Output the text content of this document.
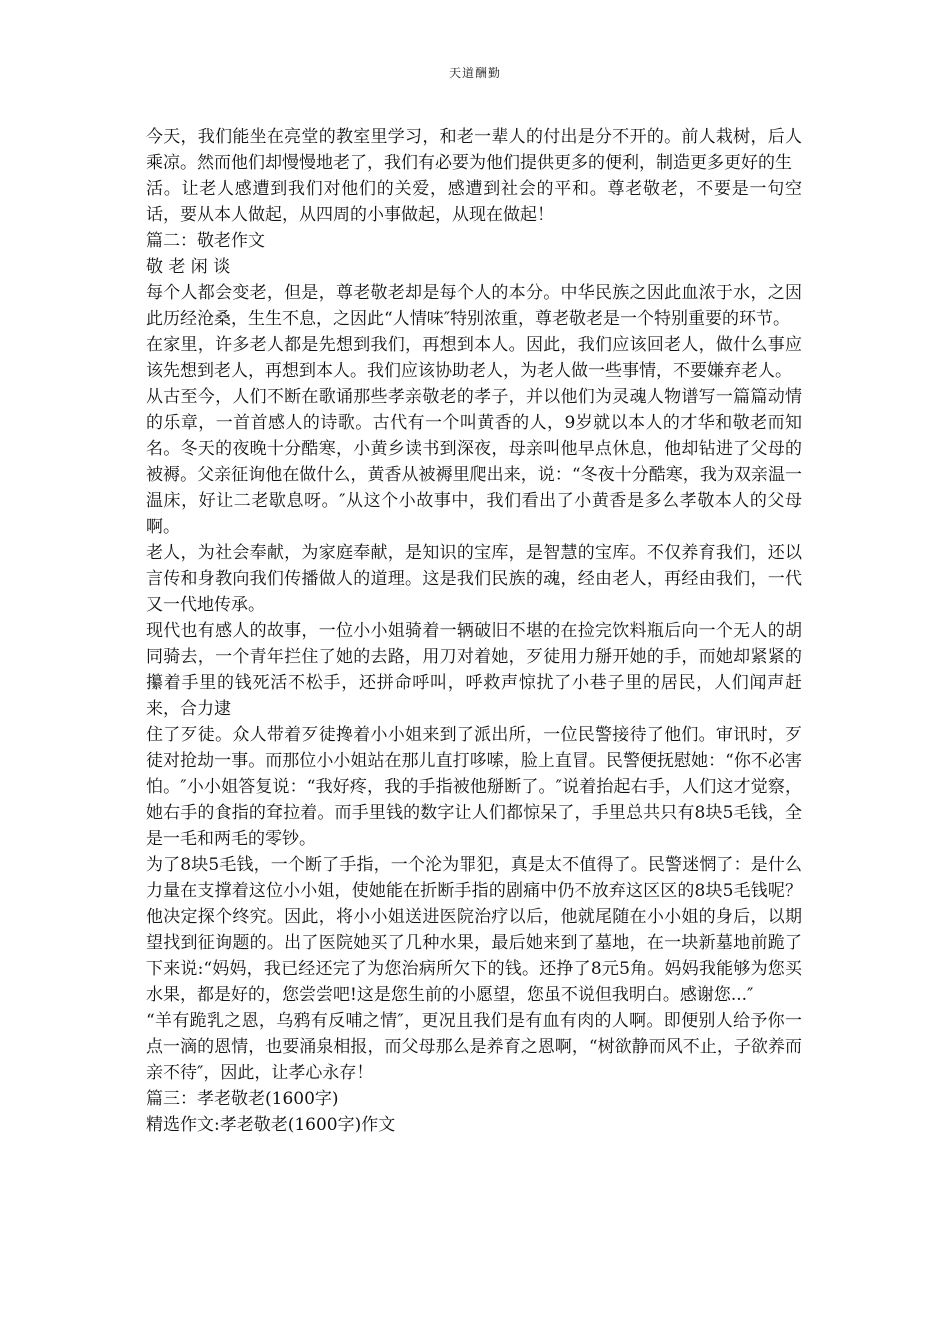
天道酬勤

今天，我们能坐在亮堂的教室里学习，和老一辈人的付出是分不开的。前人栽树，后人乘凉。然而他们却慢慢地老了，我们有必要为他们提供更多的便利，制造更多更好的生

活。让老人感遭到我们对他们的关爱，感遭到社会的平和。尊老敬老，不要是一句空话，要从本人做起，从四周的小事做起，从现在做起！

篇二：敬老作文

敬 老 闲 谈

每个人都会变老，但是，尊老敬老却是每个人的本分。中华民族之因此血浓于水，之因此历经沧桑，生生不息，之因此“人情味″特别浓重，尊老敬老是一个特别重要的环节。

在家里，许多老人都是先想到我们，再想到本人。因此，我们应该回老人，做什么事应该先想到老人，再想到本人。我们应该协助老人，为老人做一些事情，不要嫌弃老人。

从古至今，人们不断在歌诵那些孝亲敬老的孝子，并以他们为灵魂人物谱写一篇篇动情的乐章，一首首感人的诗歌。古代有一个叫黄香的人，9岁就以本人的才华和敬老而知名。冬天的夜晚十分酷寒，小黄乡读书到深夜，母亲叫他早点休息，他却钻进了父母的被褥。父亲征询他在做什么，黄香从被褥里爬出来，说：“冬夜十分酷寒，我为双亲温一温床，好让二老歇息呀。″从这个小故事中，我们看出了小黄香是多么孝敬本人的父母啊。

老人，为社会奉献，为家庭奉献，是知识的宝库，是智慧的宝库。不仅养育我们，还以言传和身教向我们传播做人的道理。这是我们民族的魂，经由老人，再经由我们，一代又一代地传承。

现代也有感人的故事，一位小小姐骑着一辆破旧不堪的在捡完饮料瓶后向一个无人的胡同骑去，一个青年拦住了她的去路，用刀对着她，歹徒用力掰开她的手，而她却紧紧的攥着手里的钱死活不松手，还拼命呼叫，呼救声惊扰了小巷子里的居民，人们闻声赶来，合力逮

住了歹徒。众人带着歹徒搀着小小姐来到了派出所，一位民警接待了他们。审讯时，歹徒对抢劫一事。而那位小小姐站在那儿直打哆嗦，脸上直冒。民警便抚慰她：“你不必害怕。″小小姐答复说：“我好疼，我的手指被他掰断了。″说着抬起右手，人们这才觉察，她右手的食指的耷拉着。而手里钱的数字让人们都惊呆了，手里总共只有8块5毛钱，全是一毛和两毛的零钞。

为了8块5毛钱，一个断了手指，一个沦为罪犯，真是太不值得了。民警迷惘了：是什么力量在支撑着这位小小姐，使她能在折断手指的剧痛中仍不放弃这区区的8块5毛钱呢？他决定探个终究。因此，将小小姐送进医院治疗以后，他就尾随在小小姐的身后，以期望找到征询题的。出了医院她买了几种水果，最后她来到了墓地，在一块新墓地前跪了下来说:“妈妈，我已经还完了为您治病所欠下的钱。还挣了8元5角。妈妈我能够为您买水果，都是好的，您尝尝吧!这是您生前的小愿望，您虽不说但我明白。感谢您...″

“羊有跪乳之恩，乌鸦有反哺之情″，更况且我们是有血有肉的人啊。即便别人给予你一点一滴的恩情，也要涌泉相报，而父母那么是养育之恩啊，“树欲静而风不止，子欲养而亲不待″，因此，让孝心永存！

篇三：孝老敬老(1600字)

精选作文:孝老敬老(1600字)作文
